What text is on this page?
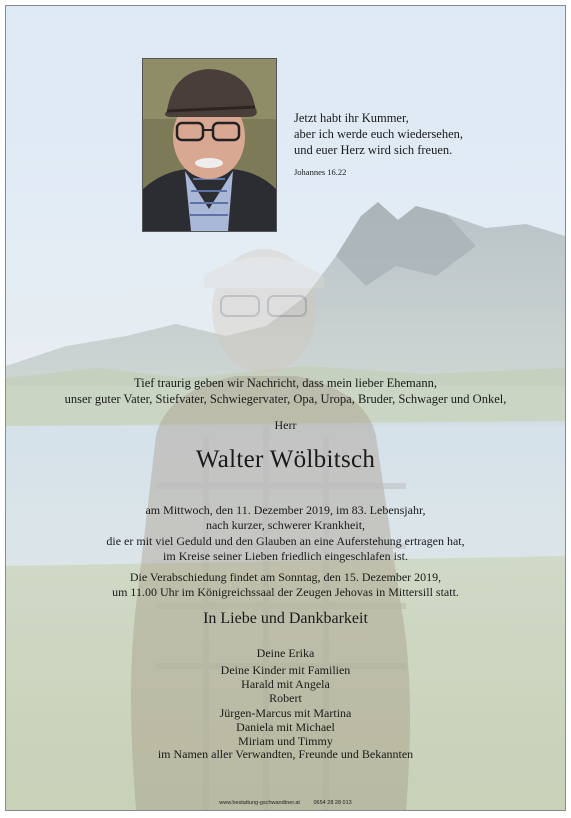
Jetzt habt ihr Kummer,
aber ich werde euch wiedersehen,
und euer Herz wird sich freuen.
Johannes 16.22
Tief traurig geben wir Nachricht, dass mein lieber Ehemann,
unser guter Vater, Stiefvater, Schwiegervater, Opa, Uropa, Bruder, Schwager und Onkel,
Herr
Walter Wölbitsch
am Mittwoch, den 11. Dezember 2019, im 83. Lebensjahr,
nach kurzer, schwerer Krankheit,
die er mit viel Geduld und den Glauben an eine Auferstehung ertragen hat,
im Kreise seiner Lieben friedlich eingeschlafen ist.
Die Verabschiedung findet am Sonntag, den 15. Dezember 2019,
um 11.00 Uhr im Königreichssaal der Zeugen Jehovas in Mittersill statt.
In Liebe und Dankbarkeit
Deine Erika
Deine Kinder mit Familien
Harald mit Angela
Robert
Jürgen-Marcus mit Martina
Daniela mit Michael
Miriam und Timmy
im Namen aller Verwandten, Freunde und Bekannten
www.bestattung-gschwandtner.at 0654 28 28 013
